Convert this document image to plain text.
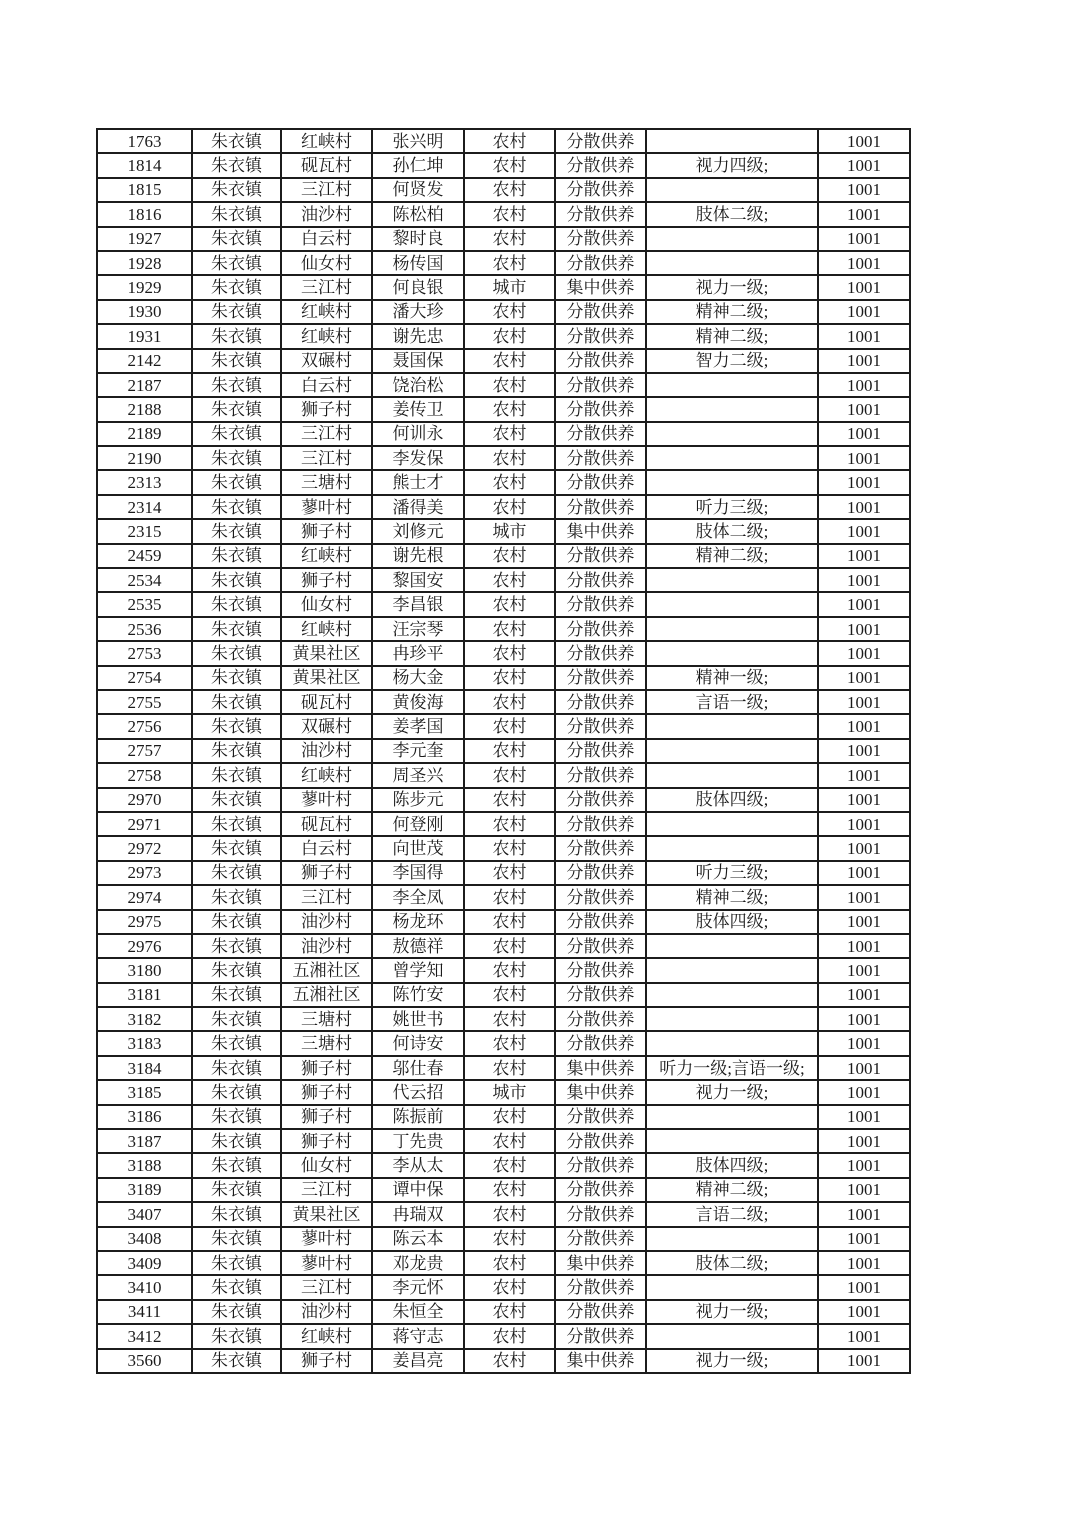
1763	朱衣镇	红峡村	张兴明	农村	分散供养		1001
1814	朱衣镇	砚瓦村	孙仁坤	农村	分散供养	视力四级;	1001
1815	朱衣镇	三江村	何贤发	农村	分散供养		1001
1816	朱衣镇	油沙村	陈松柏	农村	分散供养	肢体二级;	1001
1927	朱衣镇	白云村	黎时良	农村	分散供养		1001
1928	朱衣镇	仙女村	杨传国	农村	分散供养		1001
1929	朱衣镇	三江村	何良银	城市	集中供养	视力一级;	1001
1930	朱衣镇	红峡村	潘大珍	农村	分散供养	精神二级;	1001
1931	朱衣镇	红峡村	谢先忠	农村	分散供养	精神二级;	1001
2142	朱衣镇	双碾村	聂国保	农村	分散供养	智力二级;	1001
2187	朱衣镇	白云村	饶治松	农村	分散供养		1001
2188	朱衣镇	狮子村	姜传卫	农村	分散供养		1001
2189	朱衣镇	三江村	何训永	农村	分散供养		1001
2190	朱衣镇	三江村	李发保	农村	分散供养		1001
2313	朱衣镇	三塘村	熊士才	农村	分散供养		1001
2314	朱衣镇	蓼叶村	潘得美	农村	分散供养	听力三级;	1001
2315	朱衣镇	狮子村	刘修元	城市	集中供养	肢体二级;	1001
2459	朱衣镇	红峡村	谢先根	农村	分散供养	精神二级;	1001
2534	朱衣镇	狮子村	黎国安	农村	分散供养		1001
2535	朱衣镇	仙女村	李昌银	农村	分散供养		1001
2536	朱衣镇	红峡村	汪宗琴	农村	分散供养		1001
2753	朱衣镇	黄果社区	冉珍平	农村	分散供养		1001
2754	朱衣镇	黄果社区	杨大金	农村	分散供养	精神一级;	1001
2755	朱衣镇	砚瓦村	黄俊海	农村	分散供养	言语一级;	1001
2756	朱衣镇	双碾村	姜孝国	农村	分散供养		1001
2757	朱衣镇	油沙村	李元奎	农村	分散供养		1001
2758	朱衣镇	红峡村	周圣兴	农村	分散供养		1001
2970	朱衣镇	蓼叶村	陈步元	农村	分散供养	肢体四级;	1001
2971	朱衣镇	砚瓦村	何登刚	农村	分散供养		1001
2972	朱衣镇	白云村	向世茂	农村	分散供养		1001
2973	朱衣镇	狮子村	李国得	农村	分散供养	听力三级;	1001
2974	朱衣镇	三江村	李全凤	农村	分散供养	精神二级;	1001
2975	朱衣镇	油沙村	杨龙环	农村	分散供养	肢体四级;	1001
2976	朱衣镇	油沙村	敖德祥	农村	分散供养		1001
3180	朱衣镇	五湘社区	曾学知	农村	分散供养		1001
3181	朱衣镇	五湘社区	陈竹安	农村	分散供养		1001
3182	朱衣镇	三塘村	姚世书	农村	分散供养		1001
3183	朱衣镇	三塘村	何诗安	农村	分散供养		1001
3184	朱衣镇	狮子村	邬仕春	农村	集中供养	听力一级;言语一级;	1001
3185	朱衣镇	狮子村	代云招	城市	集中供养	视力一级;	1001
3186	朱衣镇	狮子村	陈振前	农村	分散供养		1001
3187	朱衣镇	狮子村	丁先贵	农村	分散供养		1001
3188	朱衣镇	仙女村	李从太	农村	分散供养	肢体四级;	1001
3189	朱衣镇	三江村	谭中保	农村	分散供养	精神二级;	1001
3407	朱衣镇	黄果社区	冉瑞双	农村	分散供养	言语二级;	1001
3408	朱衣镇	蓼叶村	陈云本	农村	分散供养		1001
3409	朱衣镇	蓼叶村	邓龙贵	农村	集中供养	肢体二级;	1001
3410	朱衣镇	三江村	李元怀	农村	分散供养		1001
3411	朱衣镇	油沙村	朱恒全	农村	分散供养	视力一级;	1001
3412	朱衣镇	红峡村	蒋守志	农村	分散供养		1001
3560	朱衣镇	狮子村	姜昌亮	农村	集中供养	视力一级;	1001
